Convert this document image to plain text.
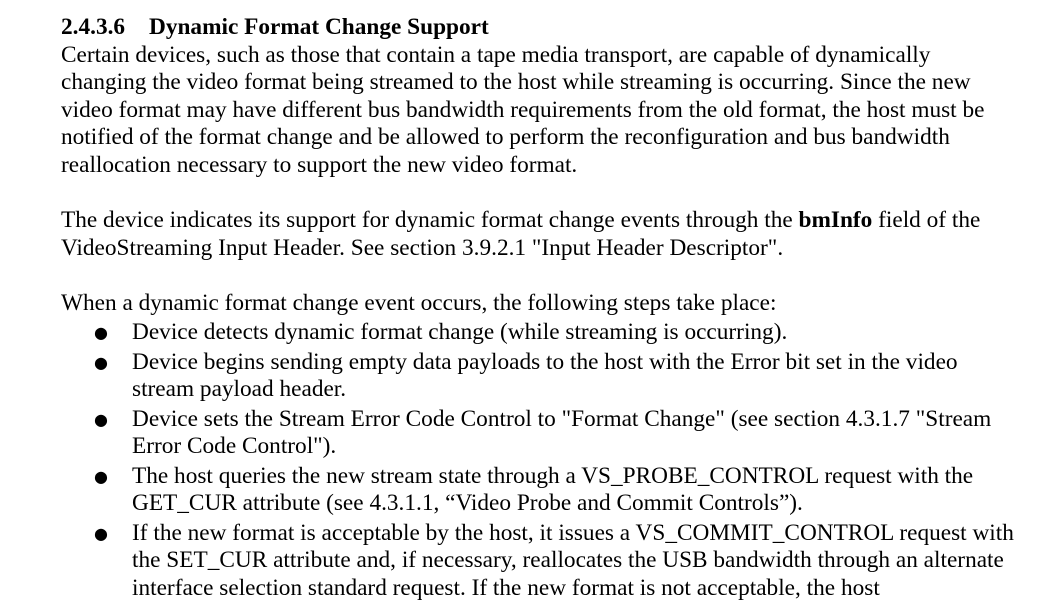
2.4.3.6 Dynamic Format Change Support

Certain devices, such as those that contain a tape media transport, are capable of dynamically changing the video format being streamed to the host while streaming is occurring. Since the new video format may have different bus bandwidth requirements from the old format, the host must be notified of the format change and be allowed to perform the reconfiguration and bus bandwidth reallocation necessary to support the new video format.

The device indicates its support for dynamic format change events through the bmInfo field of the VideoStreaming Input Header. See section 3.9.2.1 "Input Header Descriptor".

When a dynamic format change event occurs, the following steps take place:

● Device detects dynamic format change (while streaming is occurring).
● Device begins sending empty data payloads to the host with the Error bit set in the video stream payload header.
● Device sets the Stream Error Code Control to "Format Change" (see section 4.3.1.7 "Stream Error Code Control").
● The host queries the new stream state through a VS_PROBE_CONTROL request with the GET_CUR attribute (see 4.3.1.1, “Video Probe and Commit Controls”).
● If the new format is acceptable by the host, it issues a VS_COMMIT_CONTROL request with the SET_CUR attribute and, if necessary, reallocates the USB bandwidth through an alternate interface selection standard request. If the new format is not acceptable, the host
